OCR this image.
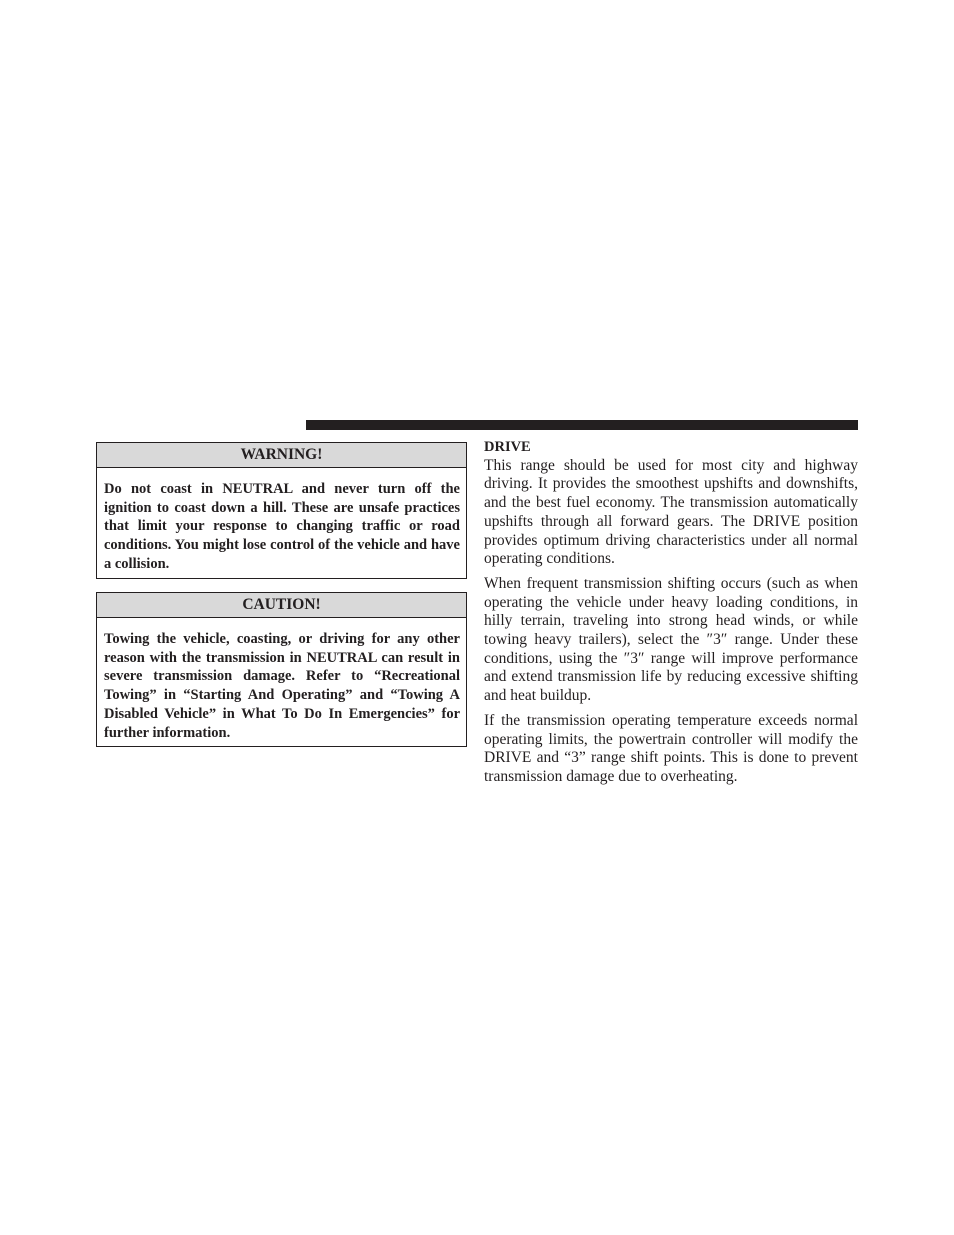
WARNING!
Do not coast in NEUTRAL and never turn off the ignition to coast down a hill. These are unsafe practices that limit your response to changing traffic or road conditions. You might lose control of the vehicle and have a collision.
CAUTION!
Towing the vehicle, coasting, or driving for any other reason with the transmission in NEUTRAL can result in severe transmission damage. Refer to “Recreational Towing” in “Starting And Operating” and “Towing A Disabled Vehicle” in What To Do In Emergencies” for further information.

DRIVE

This range should be used for most city and highway driving. It provides the smoothest upshifts and downshifts, and the best fuel economy. The transmission automatically upshifts through all forward gears. The DRIVE position provides optimum driving characteristics under all normal operating conditions.

When frequent transmission shifting occurs (such as when operating the vehicle under heavy loading conditions, in hilly terrain, traveling into strong head winds, or while towing heavy trailers), select the ″3″ range. Under these conditions, using the ″3″ range will improve performance and extend transmission life by reducing excessive shifting and heat buildup.

If the transmission operating temperature exceeds normal operating limits, the powertrain controller will modify the DRIVE and “3” range shift points. This is done to prevent transmission damage due to overheating.
